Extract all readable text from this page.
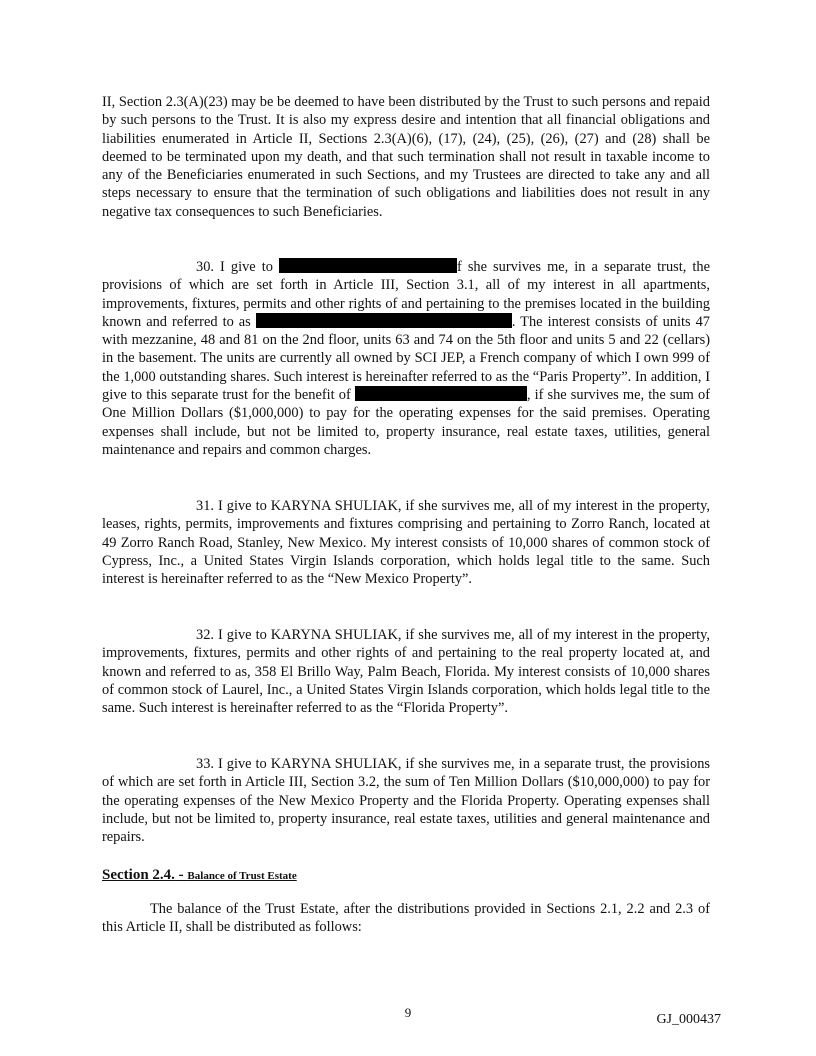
II, Section 2.3(A)(23) may be be deemed to have been distributed by the Trust to such persons and repaid by such persons to the Trust. It is also my express desire and intention that all financial obligations and liabilities enumerated in Article II, Sections 2.3(A)(6), (17), (24), (25), (26), (27) and (28) shall be deemed to be terminated upon my death, and that such termination shall not result in taxable income to any of the Beneficiaries enumerated in such Sections, and my Trustees are directed to take any and all steps necessary to ensure that the termination of such obligations and liabilities does not result in any negative tax consequences to such Beneficiaries.

30. I give to	f she survives me, in a separate trust, the provisions of which are set forth in Article III, Section 3.1, all of my interest in all apartments, improvements, fixtures, permits and other rights of and pertaining to the premises located in the building known and referred to as	. The interest consists of units 47 with mezzanine, 48 and 81 on the 2nd floor, units 63 and 74 on the 5th floor and units 5 and 22 (cellars) in the basement. The units are currently all owned by SCI JEP, a French company of which I own 999 of the 1,000 outstanding shares. Such interest is hereinafter referred to as the “Paris Property”. In addition, I give to this separate trust for the benefit of	, if she survives me, the sum of One Million Dollars ($1,000,000) to pay for the operating expenses for the said premises. Operating expenses shall include, but not be limited to, property insurance, real estate taxes, utilities, general maintenance and repairs and common charges.

31. I give to KARYNA SHULIAK, if she survives me, all of my interest in the property, leases, rights, permits, improvements and fixtures comprising and pertaining to Zorro Ranch, located at 49 Zorro Ranch Road, Stanley, New Mexico. My interest consists of 10,000 shares of common stock of Cypress, Inc., a United States Virgin Islands corporation, which holds legal title to the same. Such interest is hereinafter referred to as the “New Mexico Property”.

32. I give to KARYNA SHULIAK, if she survives me, all of my interest in the property, improvements, fixtures, permits and other rights of and pertaining to the real property located at, and known and referred to as, 358 El Brillo Way, Palm Beach, Florida. My interest consists of 10,000 shares of common stock of Laurel, Inc., a United States Virgin Islands corporation, which holds legal title to the same. Such interest is hereinafter referred to as the “Florida Property”.

33. I give to KARYNA SHULIAK, if she survives me, in a separate trust, the provisions of which are set forth in Article III, Section 3.2, the sum of Ten Million Dollars ($10,000,000) to pay for the operating expenses of the New Mexico Property and the Florida Property. Operating expenses shall include, but not be limited to, property insurance, real estate taxes, utilities and general maintenance and repairs.

Section 2.4. - Balance of Trust Estate

The balance of the Trust Estate, after the distributions provided in Sections 2.1, 2.2 and 2.3 of this Article II, shall be distributed as follows:

9	GJ_000437
